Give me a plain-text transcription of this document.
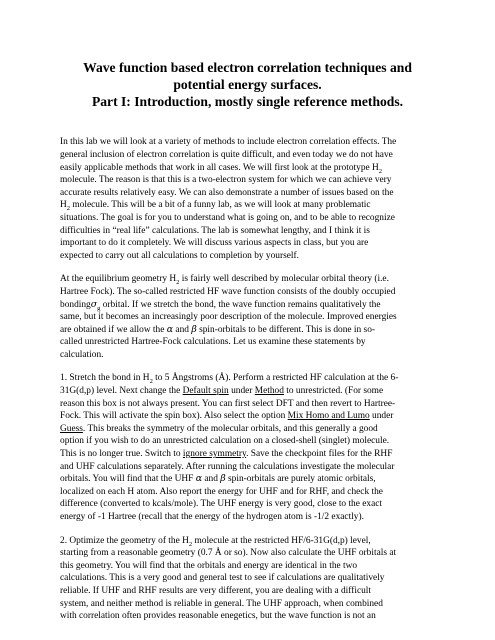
Wave function based electron correlation techniques and
potential energy surfaces.
Part I: Introduction, mostly single reference methods.

In this lab we will look at a variety of methods to include electron correlation effects. The
general inclusion of electron correlation is quite difficult, and even today we do not have
easily applicable methods that work in all cases. We will first look at the prototype $H_2$
molecule. The reason is that this is a two-electron system for which we can achieve very
accurate results relatively easy. We can also demonstrate a number of issues based on the
$H_2$ molecule. This will be a bit of a funny lab, as we will look at many problematic
situations. The goal is for you to understand what is going on, and to be able to recognize
difficulties in “real life” calculations. The lab is somewhat lengthy, and I think it is
important to do it completely. We will discuss various aspects in class, but you are
expected to carry out all calculations to completion by yourself.

At the equilibrium geometry $H_2$ is fairly well described by molecular orbital theory (i.e.
Hartree Fock). The so-called restricted HF wave function consists of the doubly occupied
bondingσ$_g$ orbital. If we stretch the bond, the wave function remains qualitatively the
same, but it becomes an increasingly poor description of the molecule. Improved energies
are obtained if we allow the α and β spin-orbitals to be different. This is done in so-
called unrestricted Hartree-Fock calculations. Let us examine these statements by
calculation.

1. Stretch the bond in $H_2$ to 5 Ångstroms (Å). Perform a restricted HF calculation at the 6-
31G(d,p) level. Next change the Default spin under Method to unrestricted. (For some
reason this box is not always present. You can first select DFT and then revert to Hartree-
Fock. This will activate the spin box). Also select the option Mix Homo and Lumo under
Guess. This breaks the symmetry of the molecular orbitals, and this generally a good
option if you wish to do an unrestricted calculation on a closed-shell (singlet) molecule.
This is no longer true. Switch to ignore symmetry. Save the checkpoint files for the RHF
and UHF calculations separately. After running the calculations investigate the molecular
orbitals. You will find that the UHF α and β spin-orbitals are purely atomic orbitals,
localized on each H atom. Also report the energy for UHF and for RHF, and check the
difference (converted to kcals/mole). The UHF energy is very good, close to the exact
energy of -1 Hartree (recall that the energy of the hydrogen atom is -1/2 exactly).

2. Optimize the geometry of the $H_2$ molecule at the restricted HF/6-31G(d,p) level,
starting from a reasonable geometry (0.7 Å or so). Now also calculate the UHF orbitals at
this geometry. You will find that the orbitals and energy are identical in the two
calculations. This is a very good and general test to see if calculations are qualitatively
reliable. If UHF and RHF results are very different, you are dealing with a difficult
system, and neither method is reliable in general. The UHF approach, when combined
with correlation often provides reasonable enegetics, but the wave function is not an
